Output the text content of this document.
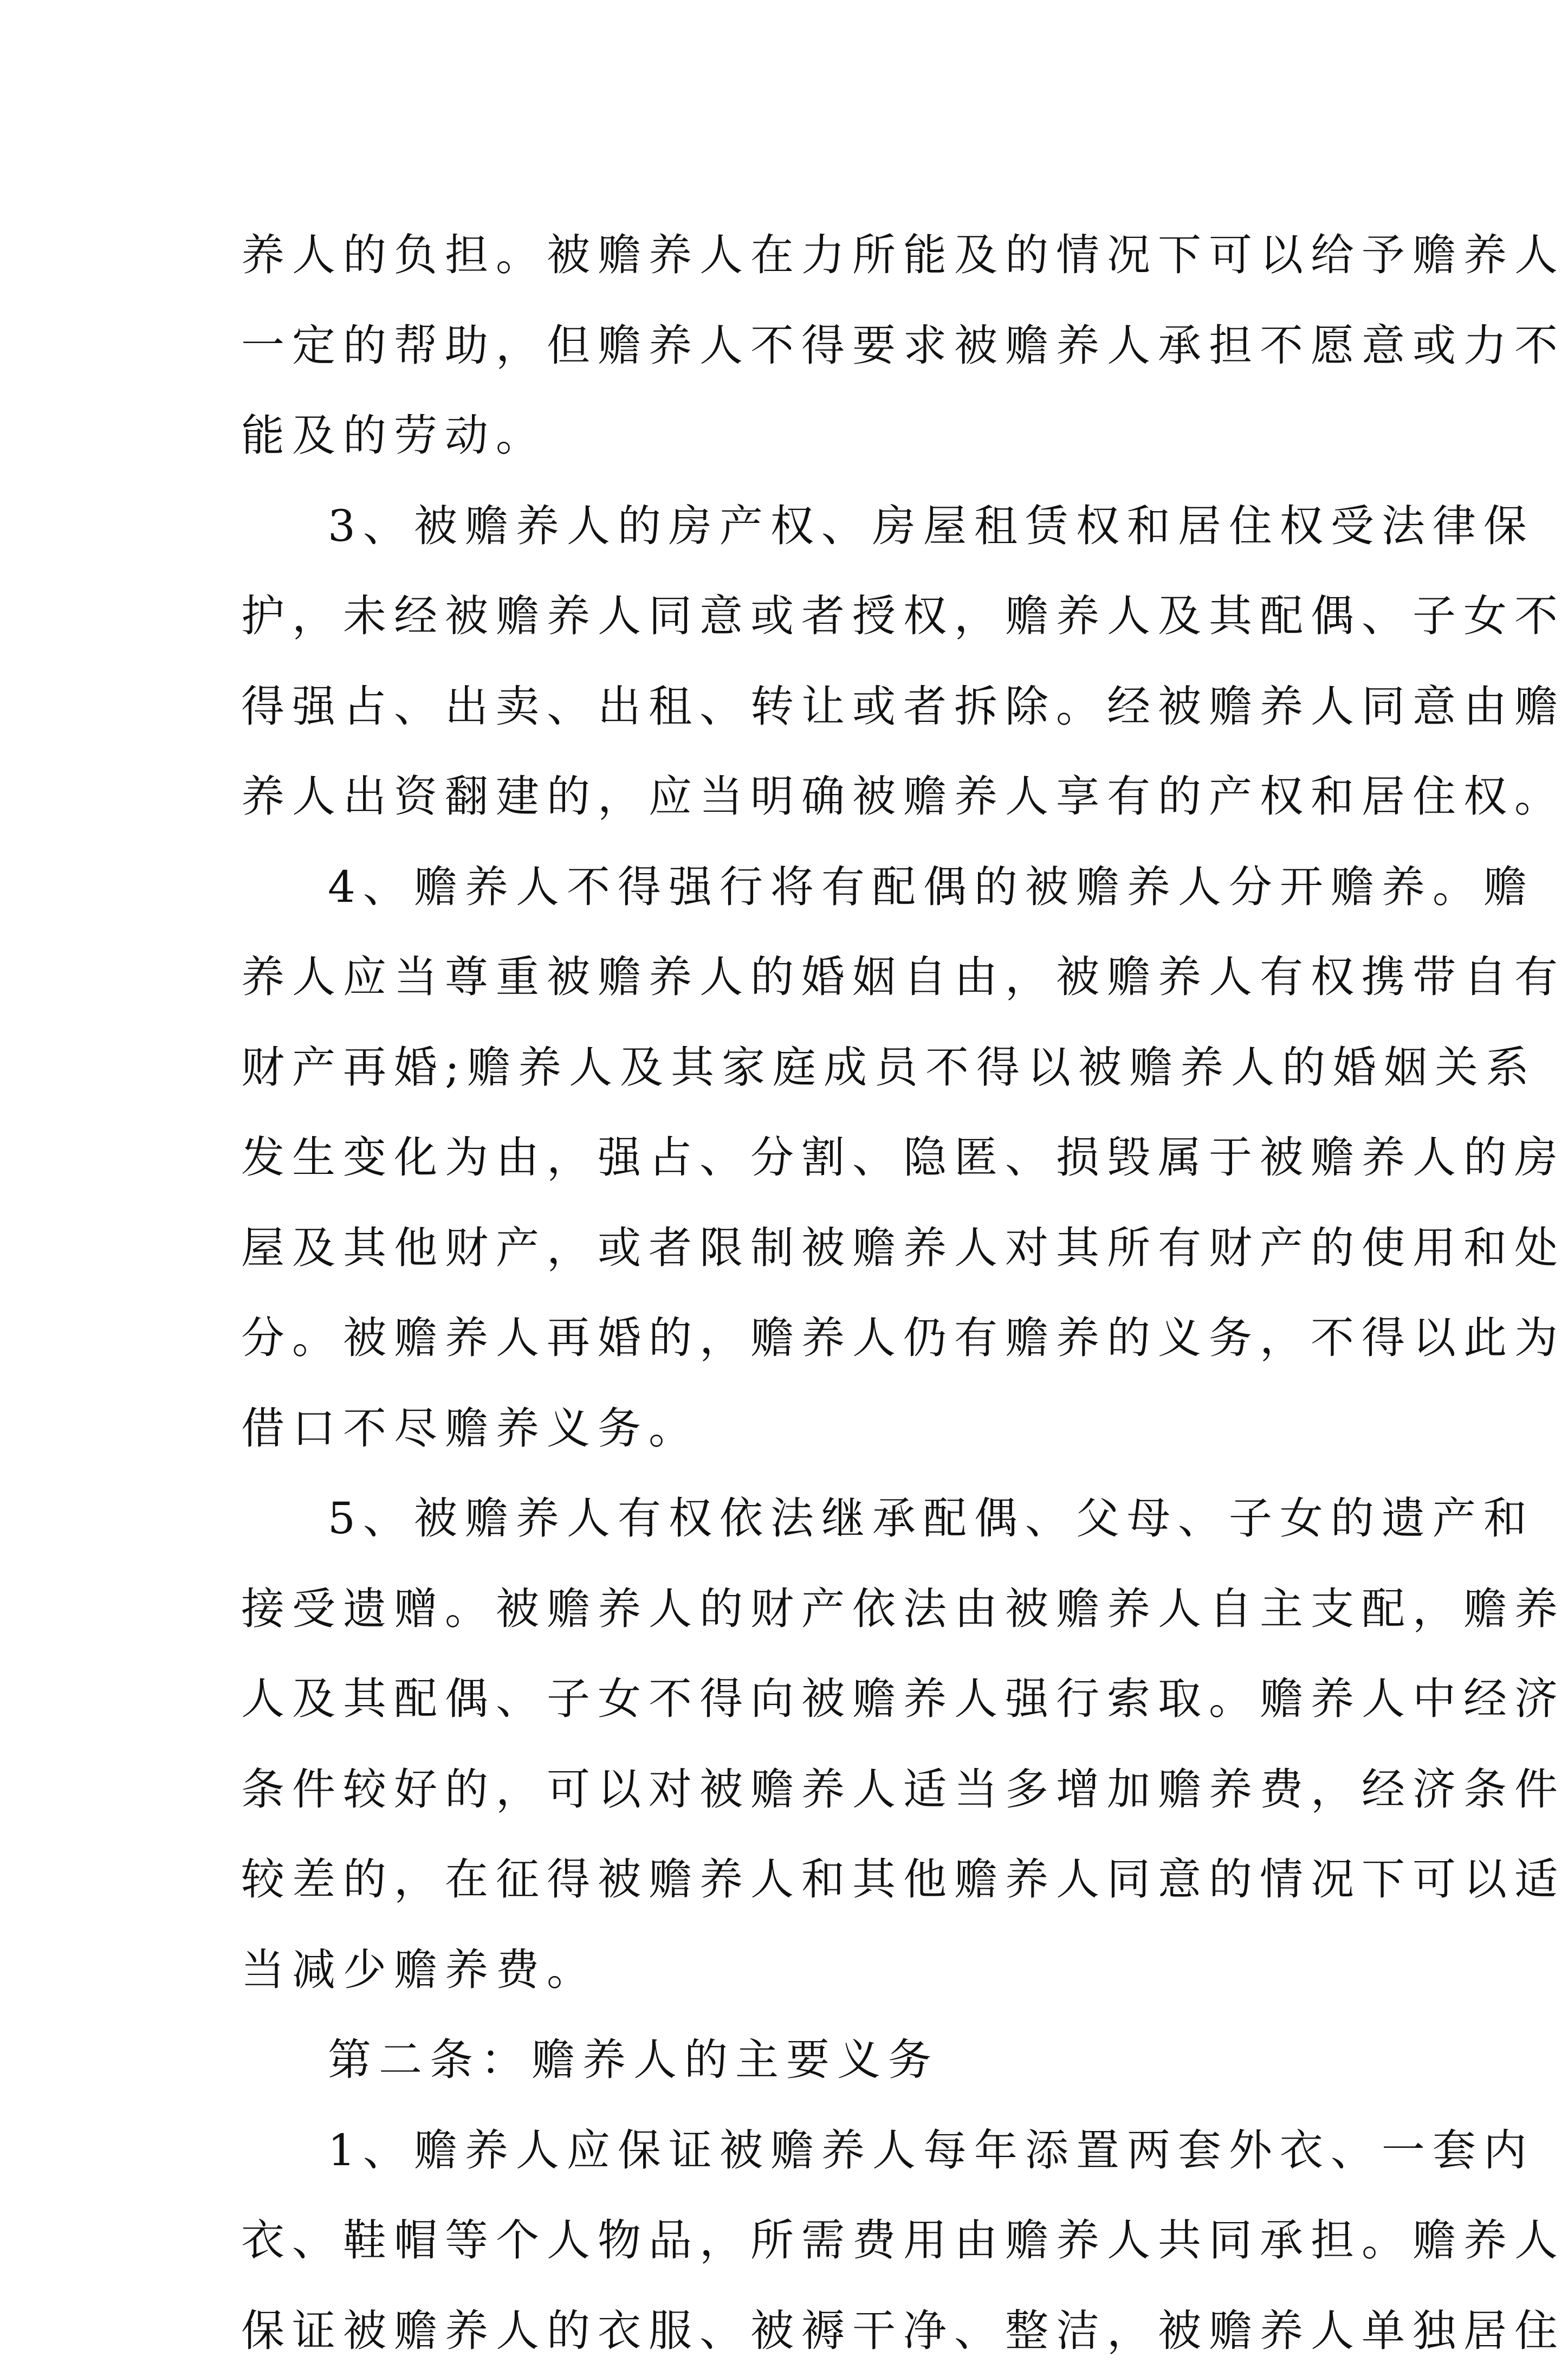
养人的负担。被赡养人在力所能及的情况下可以给予赡养人
一定的帮助，但赡养人不得要求被赡养人承担不愿意或力不
能及的劳动。
3、被赡养人的房产权、房屋租赁权和居住权受法律保
护，未经被赡养人同意或者授权，赡养人及其配偶、子女不
得强占、出卖、出租、转让或者拆除。经被赡养人同意由赡
养人出资翻建的，应当明确被赡养人享有的产权和居住权。
4、赡养人不得强行将有配偶的被赡养人分开赡养。赡
养人应当尊重被赡养人的婚姻自由，被赡养人有权携带自有
财产再婚;赡养人及其家庭成员不得以被赡养人的婚姻关系
发生变化为由，强占、分割、隐匿、损毁属于被赡养人的房
屋及其他财产，或者限制被赡养人对其所有财产的使用和处
分。被赡养人再婚的，赡养人仍有赡养的义务，不得以此为
借口不尽赡养义务。
5、被赡养人有权依法继承配偶、父母、子女的遗产和
接受遗赠。被赡养人的财产依法由被赡养人自主支配，赡养
人及其配偶、子女不得向被赡养人强行索取。赡养人中经济
条件较好的，可以对被赡养人适当多增加赡养费，经济条件
较差的，在征得被赡养人和其他赡养人同意的情况下可以适
当减少赡养费。
第二条：赡养人的主要义务
1、赡养人应保证被赡养人每年添置两套外衣、一套内
衣、鞋帽等个人物品，所需费用由赡养人共同承担。赡养人
保证被赡养人的衣服、被褥干净、整洁，被赡养人单独居住
